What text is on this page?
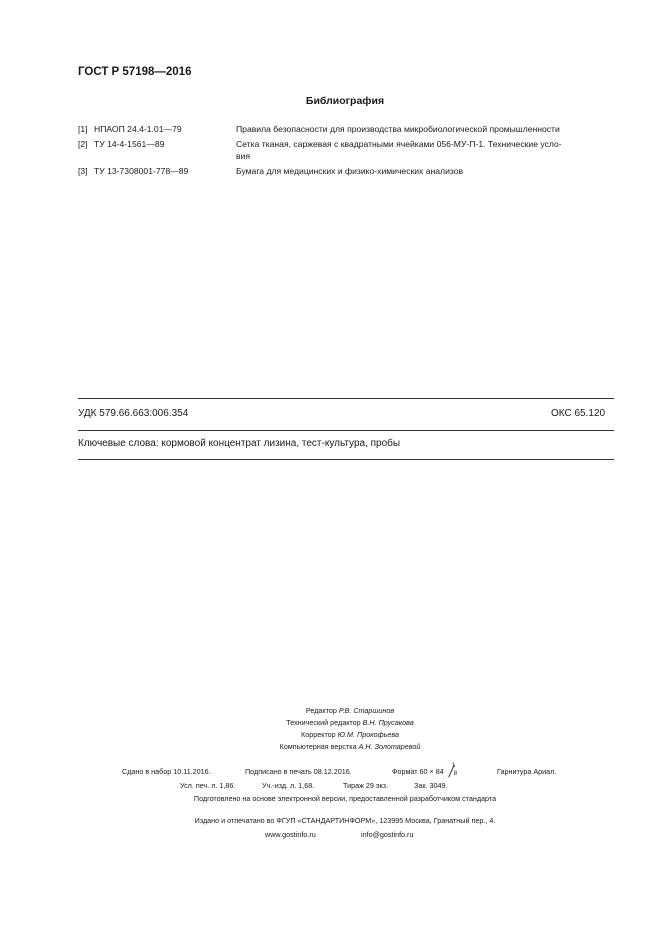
ГОСТ Р 57198—2016
Библиография
[1] НПАОП 24.4-1.01—79	Правила безопасности для производства микробиологической промышленности
[2] ТУ 14-4-1561—89	Сетка тканая, саржевая с квадратными ячейками 056-МУ-П-1. Технические усло-
вия
[3] ТУ 13-7308001-778—89	Бумага для медицинских и физико-химических анализов
УДК 579.66.663:006.354	ОКС 65.120
Ключевые слова: кормовой концентрат лизина, тест-культура, пробы
Редактор Р.В. Старшинов
Технический редактор В.Н. Прусакова
Корректор Ю.М. Прокофьева
Компьютерная верстка А.Н. Золотаревой
Сдано в набор 10.11.2016.	Подписано в печать 08.12.2016.	Формат 60 × 84 8	Гарнитура Ариал.
Усл. печ. л. 1,86.	Уч.-изд. л. 1,68.	Тираж 29 экз.	Зак. 3049.
Подготовлено на основе электронной версии, предоставленной разработчиком стандарта
Издано и отпечатано во ФГУП «СТАНДАРТИНФОРМ», 123995 Москва, Гранатный пер., 4.
www.gostinfo.ru	info@gostinfo.ru
